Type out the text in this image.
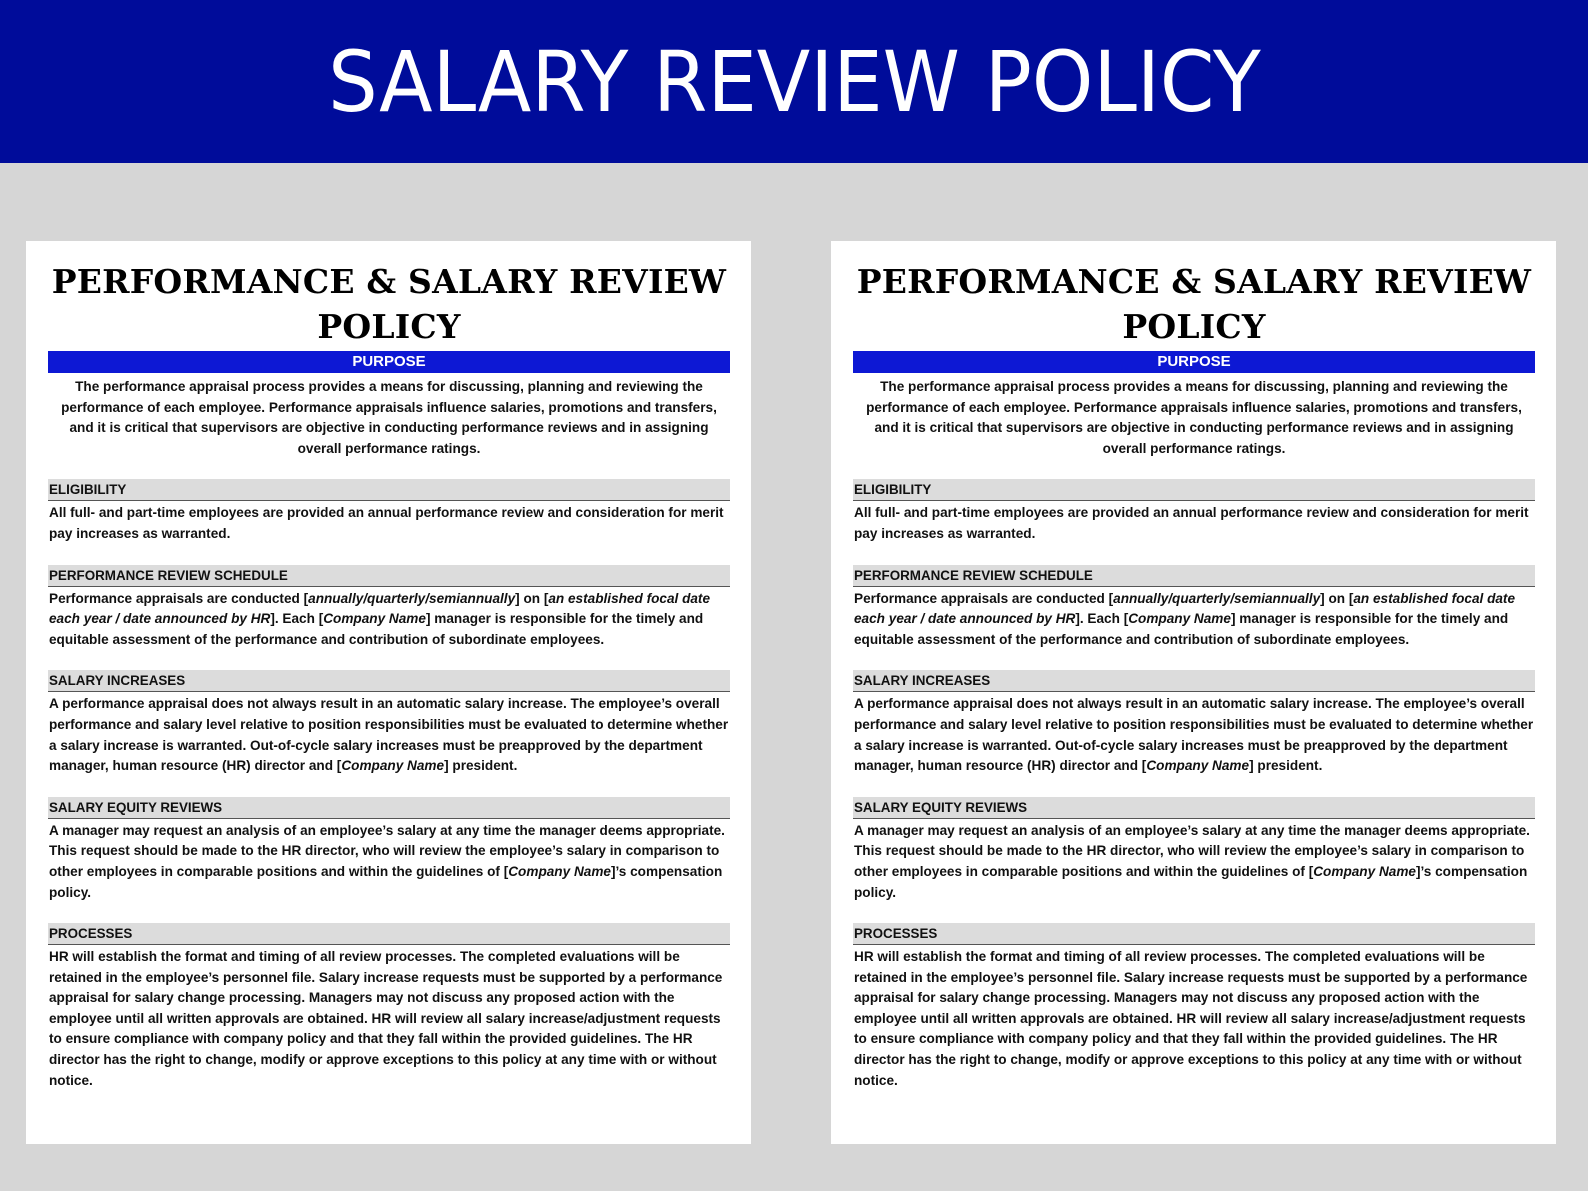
SALARY REVIEW POLICY
PERFORMANCE & SALARY REVIEW POLICY
PURPOSE

The performance appraisal process provides a means for discussing, planning and reviewing the performance of each employee. Performance appraisals influence salaries, promotions and transfers, and it is critical that supervisors are objective in conducting performance reviews and in assigning overall performance ratings.

ELIGIBILITY

All full- and part-time employees are provided an annual performance review and consideration for merit pay increases as warranted.

PERFORMANCE REVIEW SCHEDULE

Performance appraisals are conducted [annually/quarterly/semiannually] on [an established focal date each year / date announced by HR]. Each [Company Name] manager is responsible for the timely and equitable assessment of the performance and contribution of subordinate employees.

SALARY INCREASES

A performance appraisal does not always result in an automatic salary increase. The employee’s overall performance and salary level relative to position responsibilities must be evaluated to determine whether a salary increase is warranted. Out-of-cycle salary increases must be preapproved by the department manager, human resource (HR) director and [Company Name] president.

SALARY EQUITY REVIEWS

A manager may request an analysis of an employee’s salary at any time the manager deems appropriate. This request should be made to the HR director, who will review the employee’s salary in comparison to other employees in comparable positions and within the guidelines of [Company Name]’s compensation policy.

PROCESSES

HR will establish the format and timing of all review processes. The completed evaluations will be retained in the employee’s personnel file. Salary increase requests must be supported by a performance appraisal for salary change processing. Managers may not discuss any proposed action with the employee until all written approvals are obtained. HR will review all salary increase/adjustment requests to ensure compliance with company policy and that they fall within the provided guidelines. The HR director has the right to change, modify or approve exceptions to this policy at any time with or without notice.

PERFORMANCE & SALARY REVIEW POLICY
PURPOSE

The performance appraisal process provides a means for discussing, planning and reviewing the performance of each employee. Performance appraisals influence salaries, promotions and transfers, and it is critical that supervisors are objective in conducting performance reviews and in assigning overall performance ratings.

ELIGIBILITY

All full- and part-time employees are provided an annual performance review and consideration for merit pay increases as warranted.

PERFORMANCE REVIEW SCHEDULE

Performance appraisals are conducted [annually/quarterly/semiannually] on [an established focal date each year / date announced by HR]. Each [Company Name] manager is responsible for the timely and equitable assessment of the performance and contribution of subordinate employees.

SALARY INCREASES

A performance appraisal does not always result in an automatic salary increase. The employee’s overall performance and salary level relative to position responsibilities must be evaluated to determine whether a salary increase is warranted. Out-of-cycle salary increases must be preapproved by the department manager, human resource (HR) director and [Company Name] president.

SALARY EQUITY REVIEWS

A manager may request an analysis of an employee’s salary at any time the manager deems appropriate. This request should be made to the HR director, who will review the employee’s salary in comparison to other employees in comparable positions and within the guidelines of [Company Name]’s compensation policy.

PROCESSES

HR will establish the format and timing of all review processes. The completed evaluations will be retained in the employee’s personnel file. Salary increase requests must be supported by a performance appraisal for salary change processing. Managers may not discuss any proposed action with the employee until all written approvals are obtained. HR will review all salary increase/adjustment requests to ensure compliance with company policy and that they fall within the provided guidelines. The HR director has the right to change, modify or approve exceptions to this policy at any time with or without notice.
